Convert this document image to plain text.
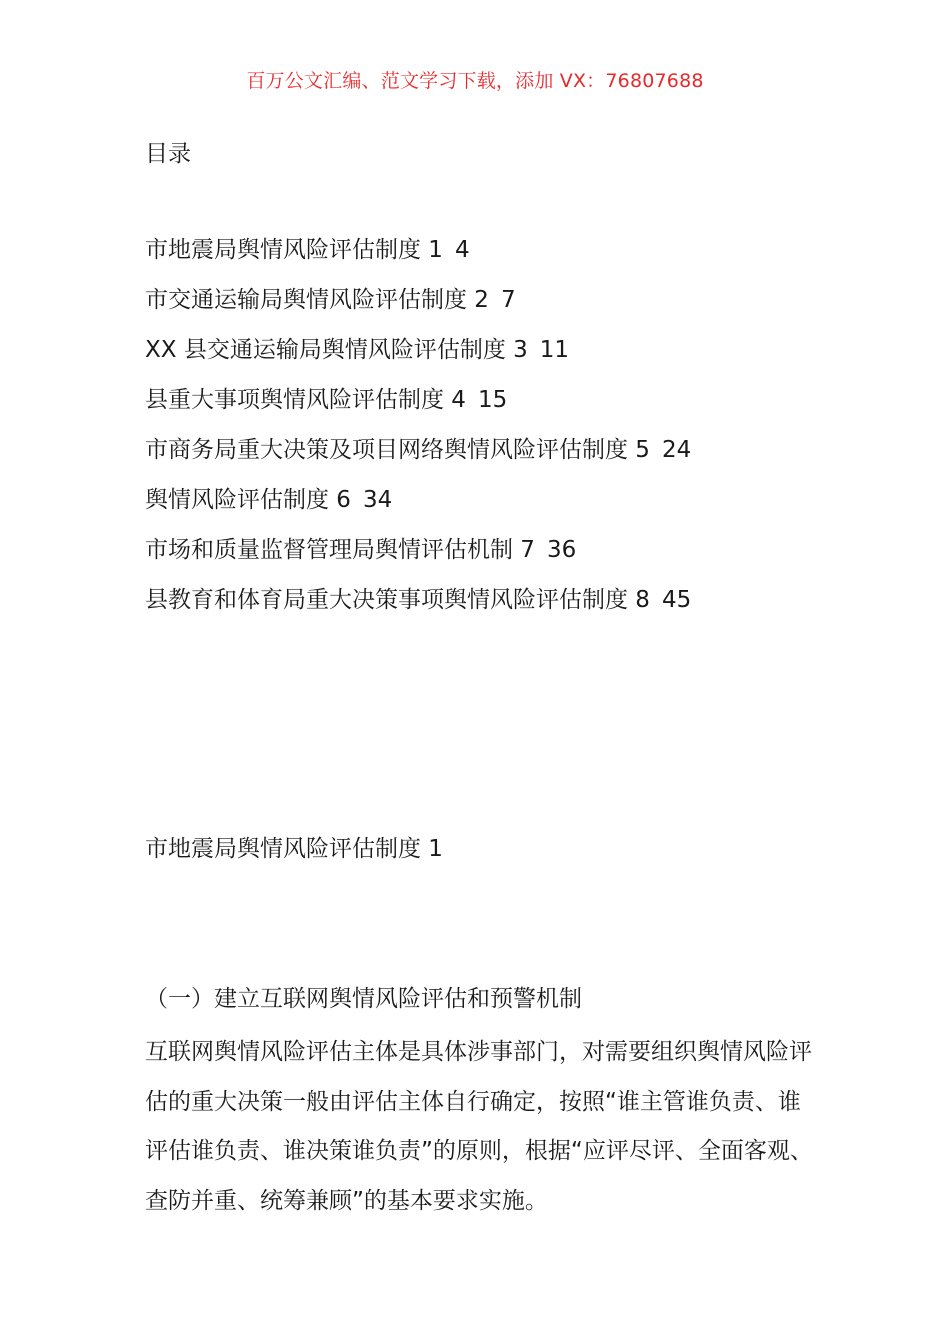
百万公文汇编、范文学习下载，添加 VX：76807688
目录
市地震局舆情风险评估制度 1 4
市交通运输局舆情风险评估制度 2 7
XX 县交通运输局舆情风险评估制度 3 11
县重大事项舆情风险评估制度 4 15
市商务局重大决策及项目网络舆情风险评估制度 5 24
舆情风险评估制度 6 34
市场和质量监督管理局舆情评估机制 7 36
县教育和体育局重大决策事项舆情风险评估制度 8 45
市地震局舆情风险评估制度 1
（一）建立互联网舆情风险评估和预警机制

互联网舆情风险评估主体是具体涉事部门，对需要组织舆情风险评估的重大决策一般由评估主体自行确定，按照“谁主管谁负责、谁评估谁负责、谁决策谁负责”的原则，根据“应评尽评、全面客观、查防并重、统筹兼顾”的基本要求实施。
